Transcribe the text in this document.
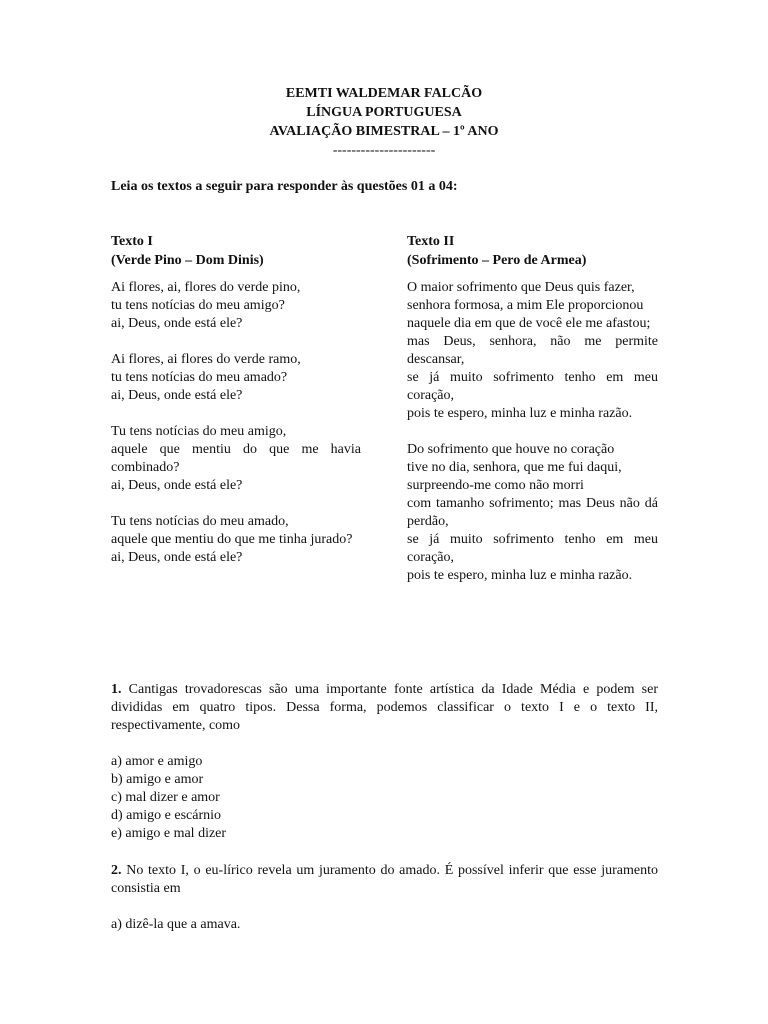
EEMTI WALDEMAR FALCÃO
LÍNGUA PORTUGUESA
AVALIAÇÃO BIMESTRAL – 1º ANO
----------------------
Leia os textos a seguir para responder às questões 01 a 04:
Texto I
(Verde Pino – Dom Dinis)

Ai flores, ai, flores do verde pino,

tu tens notícias do meu amigo?

ai, Deus, onde está ele?

Ai flores, ai flores do verde ramo,

tu tens notícias do meu amado?

ai, Deus, onde está ele?

Tu tens notícias do meu amigo,

aquele que mentiu do que me havia combinado?

ai, Deus, onde está ele?

Tu tens notícias do meu amado,

aquele que mentiu do que me tinha jurado?

ai, Deus, onde está ele?

Texto II
(Sofrimento – Pero de Armea)

O maior sofrimento que Deus quis fazer,

senhora formosa, a mim Ele proporcionou

naquele dia em que de você ele me afastou;

mas Deus, senhora, não me permite descansar,

se já muito sofrimento tenho em meu coração,

pois te espero, minha luz e minha razão.

Do sofrimento que houve no coração

tive no dia, senhora, que me fui daqui,

surpreendo-me como não morri

com tamanho sofrimento; mas Deus não dá perdão,

se já muito sofrimento tenho em meu coração,

pois te espero, minha luz e minha razão.

1. Cantigas trovadorescas são uma importante fonte artística da Idade Média e podem ser divididas em quatro tipos. Dessa forma, podemos classificar o texto I e o texto II, respectivamente, como

a) amor e amigo

b) amigo e amor

c) mal dizer e amor

d) amigo e escárnio

e) amigo e mal dizer

2. No texto I, o eu-lírico revela um juramento do amado. É possível inferir que esse juramento consistia em

a) dizê-la que a amava.
